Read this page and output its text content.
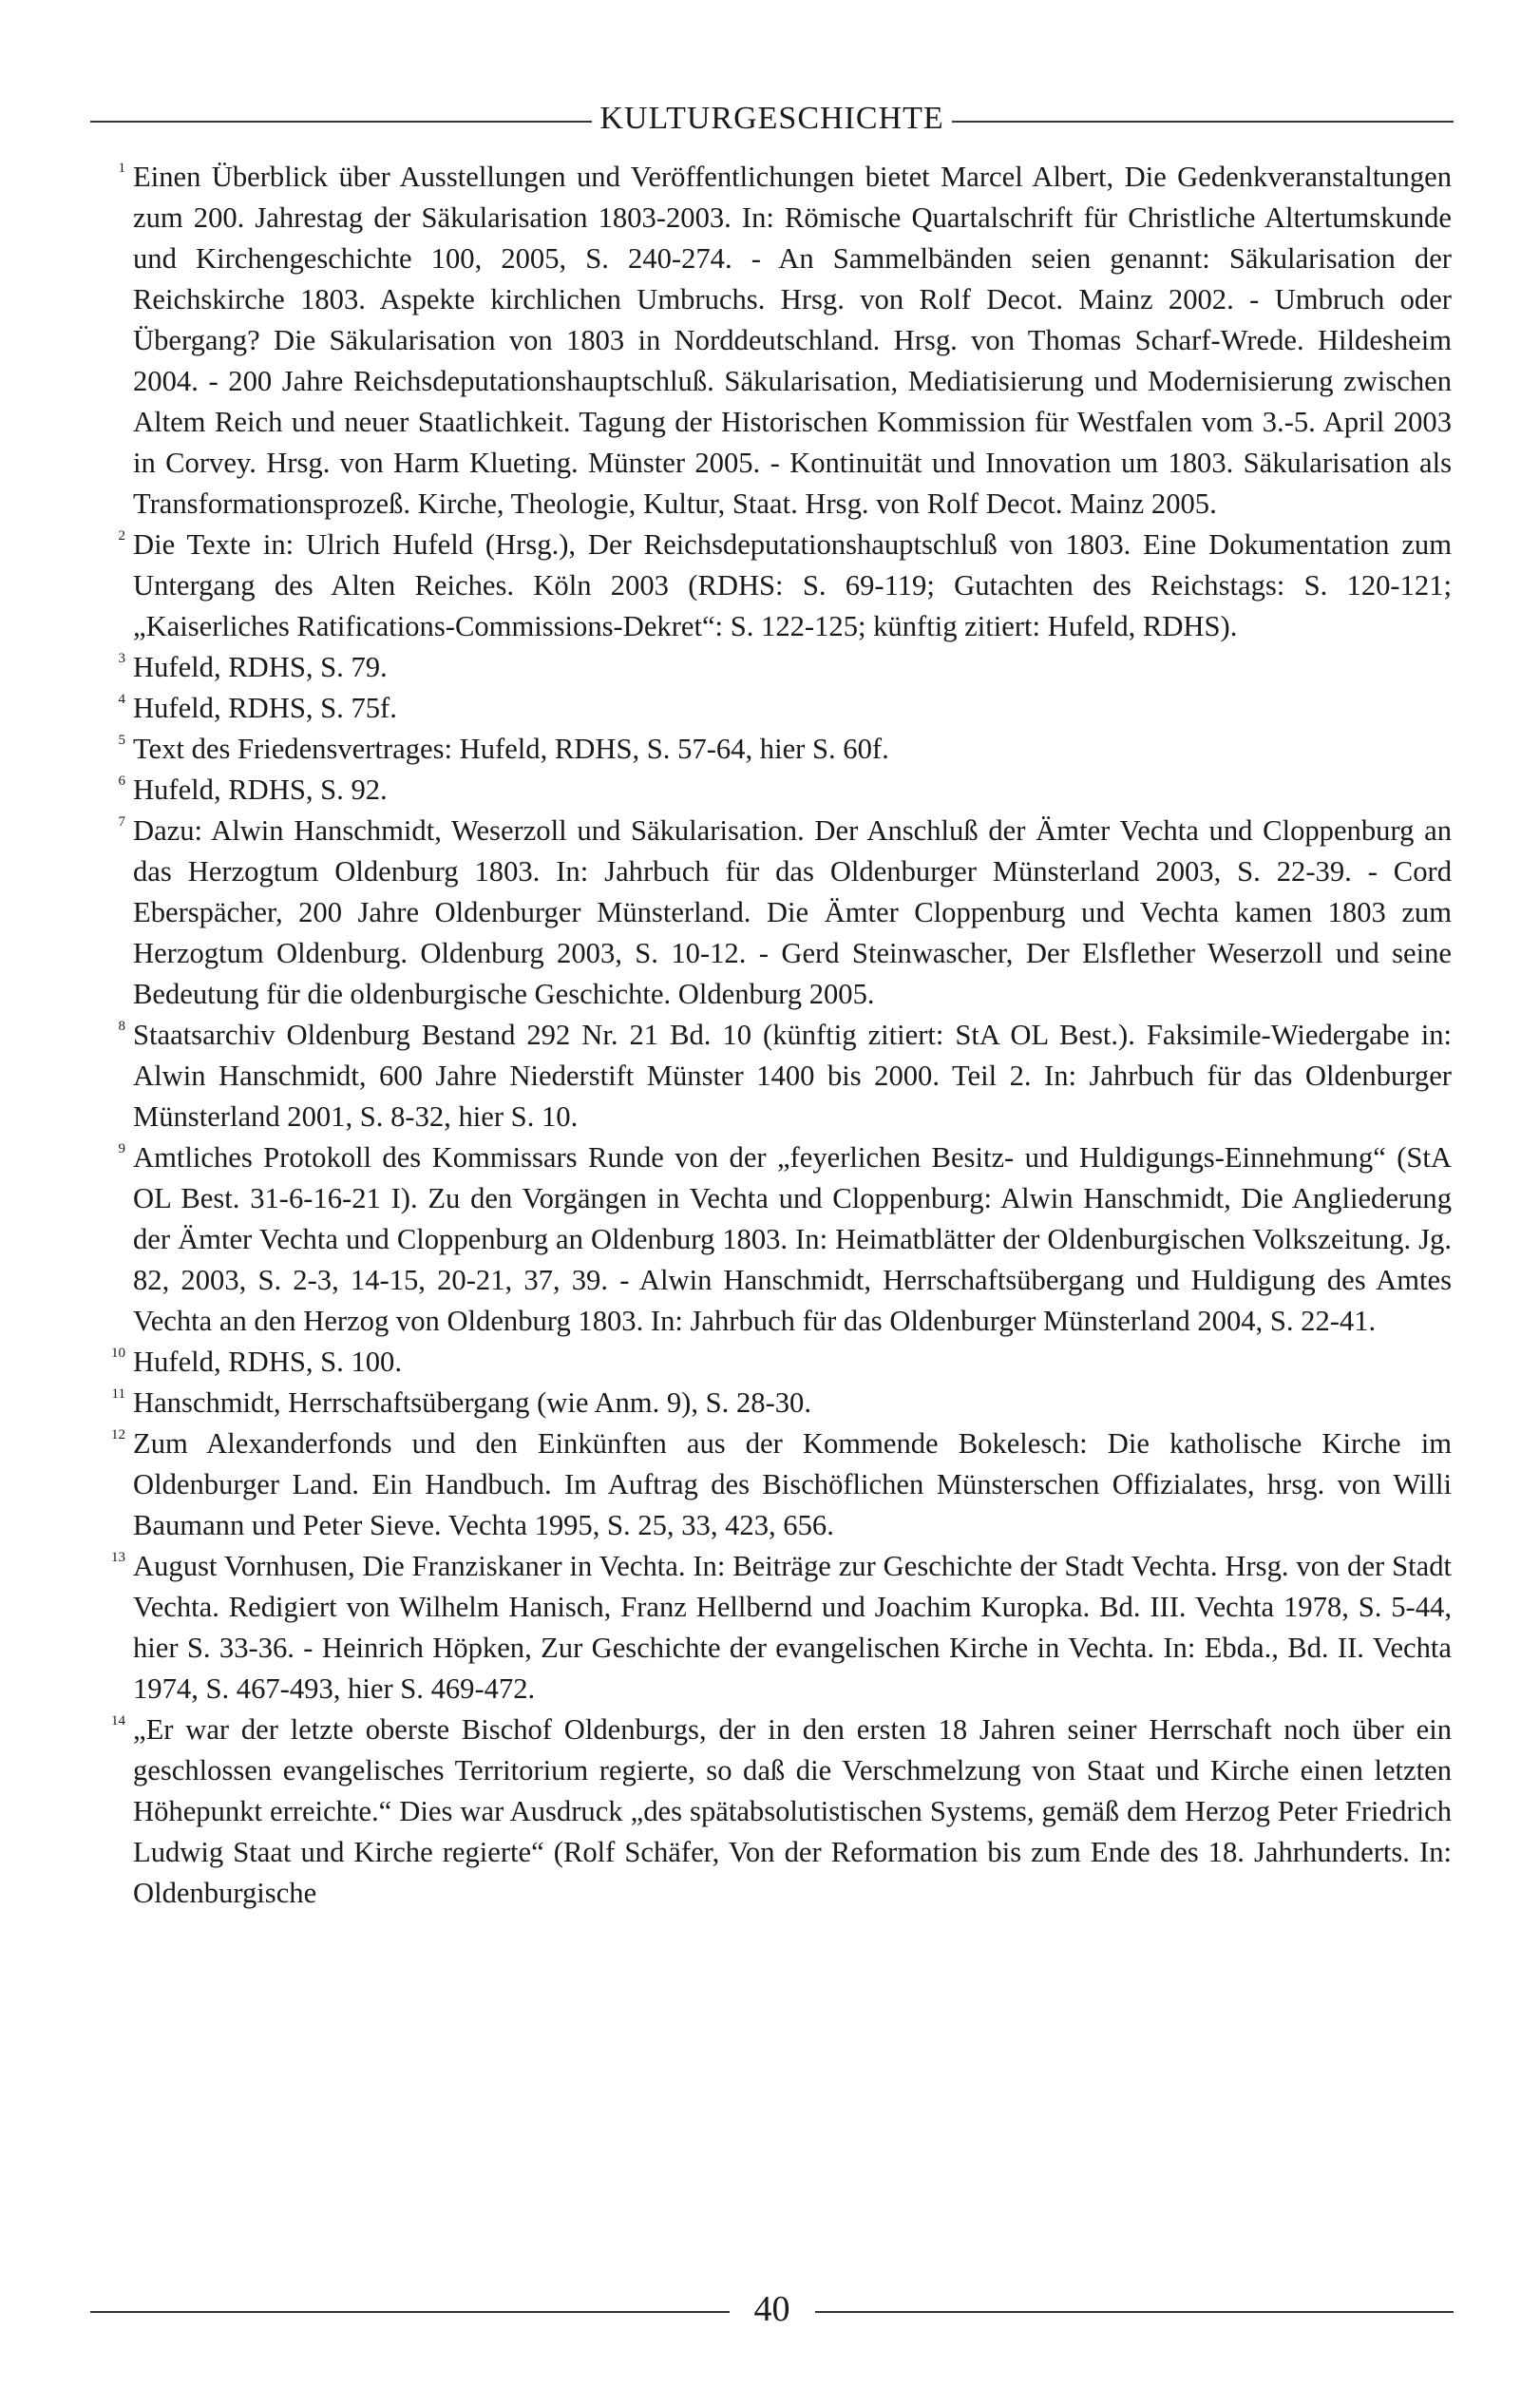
KULTURGESCHICHTE
1 Einen Überblick über Ausstellungen und Veröffentlichungen bietet Marcel Albert, Die Gedenkveranstaltungen zum 200. Jahrestag der Säkularisation 1803-2003. In: Römische Quartalschrift für Christliche Altertumskunde und Kirchengeschichte 100, 2005, S. 240-274. - An Sammelbänden seien genannt: Säkularisation der Reichskirche 1803. Aspekte kirchlichen Umbruchs. Hrsg. von Rolf Decot. Mainz 2002. - Umbruch oder Übergang? Die Säkularisation von 1803 in Norddeutschland. Hrsg. von Thomas Scharf-Wrede. Hildesheim 2004. - 200 Jahre Reichsdeputationshauptschluß. Säkularisation, Mediatisierung und Modernisierung zwischen Altem Reich und neuer Staatlichkeit. Tagung der Historischen Kommission für Westfalen vom 3.-5. April 2003 in Corvey. Hrsg. von Harm Klueting. Münster 2005. - Kontinuität und Innovation um 1803. Säkularisation als Transformationsprozeß. Kirche, Theologie, Kultur, Staat. Hrsg. von Rolf Decot. Mainz 2005.
2 Die Texte in: Ulrich Hufeld (Hrsg.), Der Reichsdeputationshauptschluß von 1803. Eine Dokumentation zum Untergang des Alten Reiches. Köln 2003 (RDHS: S. 69-119; Gutachten des Reichstags: S. 120-121; „Kaiserliches Ratifications-Commissions-Dekret“: S. 122-125; künftig zitiert: Hufeld, RDHS).
3 Hufeld, RDHS, S. 79.
4 Hufeld, RDHS, S. 75f.
5 Text des Friedensvertrages: Hufeld, RDHS, S. 57-64, hier S. 60f.
6 Hufeld, RDHS, S. 92.
7 Dazu: Alwin Hanschmidt, Weserzoll und Säkularisation. Der Anschluß der Ämter Vechta und Cloppenburg an das Herzogtum Oldenburg 1803. In: Jahrbuch für das Oldenburger Münsterland 2003, S. 22-39. - Cord Eberspächer, 200 Jahre Oldenburger Münsterland. Die Ämter Cloppenburg und Vechta kamen 1803 zum Herzogtum Oldenburg. Oldenburg 2003, S. 10-12. - Gerd Steinwascher, Der Elsflether Weserzoll und seine Bedeutung für die oldenburgische Geschichte. Oldenburg 2005.
8 Staatsarchiv Oldenburg Bestand 292 Nr. 21 Bd. 10 (künftig zitiert: StA OL Best.). Faksimile-Wiedergabe in: Alwin Hanschmidt, 600 Jahre Niederstift Münster 1400 bis 2000. Teil 2. In: Jahrbuch für das Oldenburger Münsterland 2001, S. 8-32, hier S. 10.
9 Amtliches Protokoll des Kommissars Runde von der „feyerlichen Besitz- und Huldigungs-Einnehmung“ (StA OL Best. 31-6-16-21 I). Zu den Vorgängen in Vechta und Cloppenburg: Alwin Hanschmidt, Die Angliederung der Ämter Vechta und Cloppenburg an Oldenburg 1803. In: Heimatblätter der Oldenburgischen Volkszeitung. Jg. 82, 2003, S. 2-3, 14-15, 20-21, 37, 39. - Alwin Hanschmidt, Herrschaftsübergang und Huldigung des Amtes Vechta an den Herzog von Oldenburg 1803. In: Jahrbuch für das Oldenburger Münsterland 2004, S. 22-41.
10 Hufeld, RDHS, S. 100.
11 Hanschmidt, Herrschaftsübergang (wie Anm. 9), S. 28-30.
12 Zum Alexanderfonds und den Einkünften aus der Kommende Bokelesch: Die katholische Kirche im Oldenburger Land. Ein Handbuch. Im Auftrag des Bischöflichen Münsterschen Offizialates, hrsg. von Willi Baumann und Peter Sieve. Vechta 1995, S. 25, 33, 423, 656.
13 August Vornhusen, Die Franziskaner in Vechta. In: Beiträge zur Geschichte der Stadt Vechta. Hrsg. von der Stadt Vechta. Redigiert von Wilhelm Hanisch, Franz Hellbernd und Joachim Kuropka. Bd. III. Vechta 1978, S. 5-44, hier S. 33-36. - Heinrich Höpken, Zur Geschichte der evangelischen Kirche in Vechta. In: Ebda., Bd. II. Vechta 1974, S. 467-493, hier S. 469-472.
14 „Er war der letzte oberste Bischof Oldenburgs, der in den ersten 18 Jahren seiner Herrschaft noch über ein geschlossen evangelisches Territorium regierte, so daß die Verschmelzung von Staat und Kirche einen letzten Höhepunkt erreichte.“ Dies war Ausdruck „des spätabsolutistischen Systems, gemäß dem Herzog Peter Friedrich Ludwig Staat und Kirche regierte“ (Rolf Schäfer, Von der Reformation bis zum Ende des 18. Jahrhunderts. In: Oldenburgische
40
